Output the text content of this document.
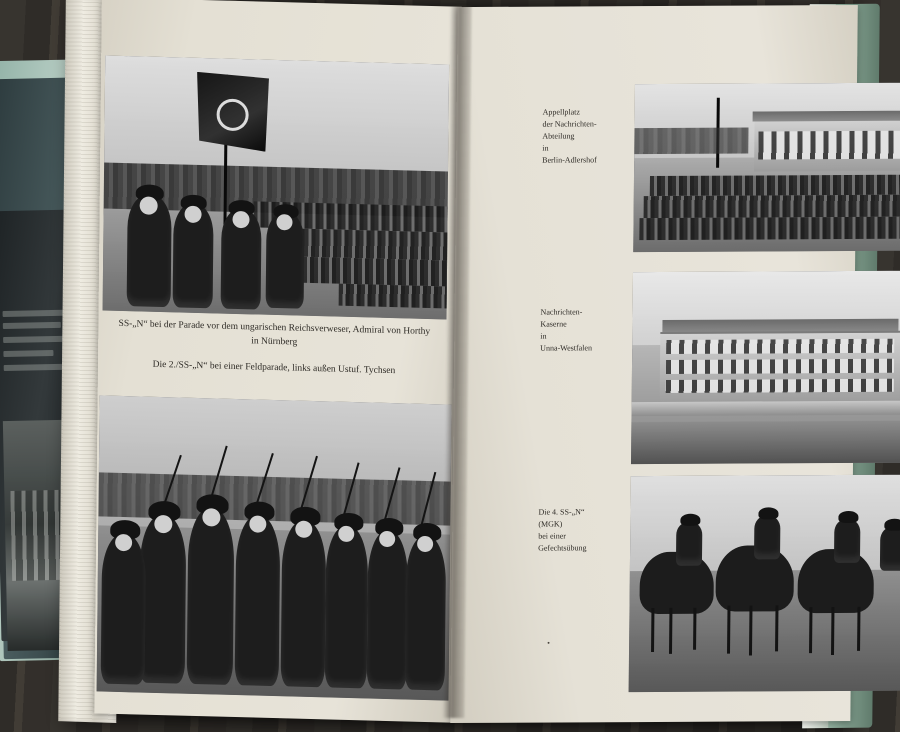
SS-„N“ bei der Parade vor dem ungarischen Reichsverweser, Admiral von Horthy
in Nürnberg
Die 2./SS-„N“ bei einer Feldparade, links außen Ustuf. Tychsen
Appellplatz
der Nachrichten-
Abteilung
in
Berlin-Adlershof
Nachrichten-
Kaserne
in
Unna-Westfalen
Die 4. SS-„N“
(MGK)
bei einer
Gefechtsübung
•
